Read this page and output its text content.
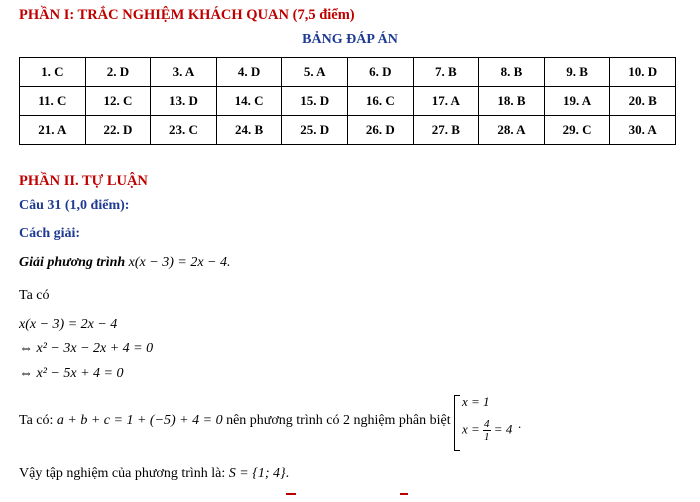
PHẦN I: TRẮC NGHIỆM KHÁCH QUAN (7,5 điểm)
BẢNG ĐÁP ÁN
1. C	2. D	3. A	4. D	5. A	6. D	7. B	8. B	9. B	10. D
11. C	12. C	13. D	14. C	15. D	16. C	17. A	18. B	19. A	20. B
21. A	22. D	23. C	24. B	25. D	26. D	27. B	28. A	29. C	30. A
PHẦN II. TỰ LUẬN
Câu 31 (1,0 điểm):
Cách giải:
Giải phương trình x(x − 3) = 2x − 4.
Ta có
x(x − 3) = 2x − 4
⇔ x² − 3x − 2x + 4 = 0
⇔ x² − 5x + 4 = 0
Ta có: a + b + c = 1 + (−5) + 4 = 0 nên phương trình có 2 nghiệm phân biệt
x = 1
$x = \frac{4}{1} = 4$ .
Vậy tập nghiệm của phương trình là: S = {1; 4}.
